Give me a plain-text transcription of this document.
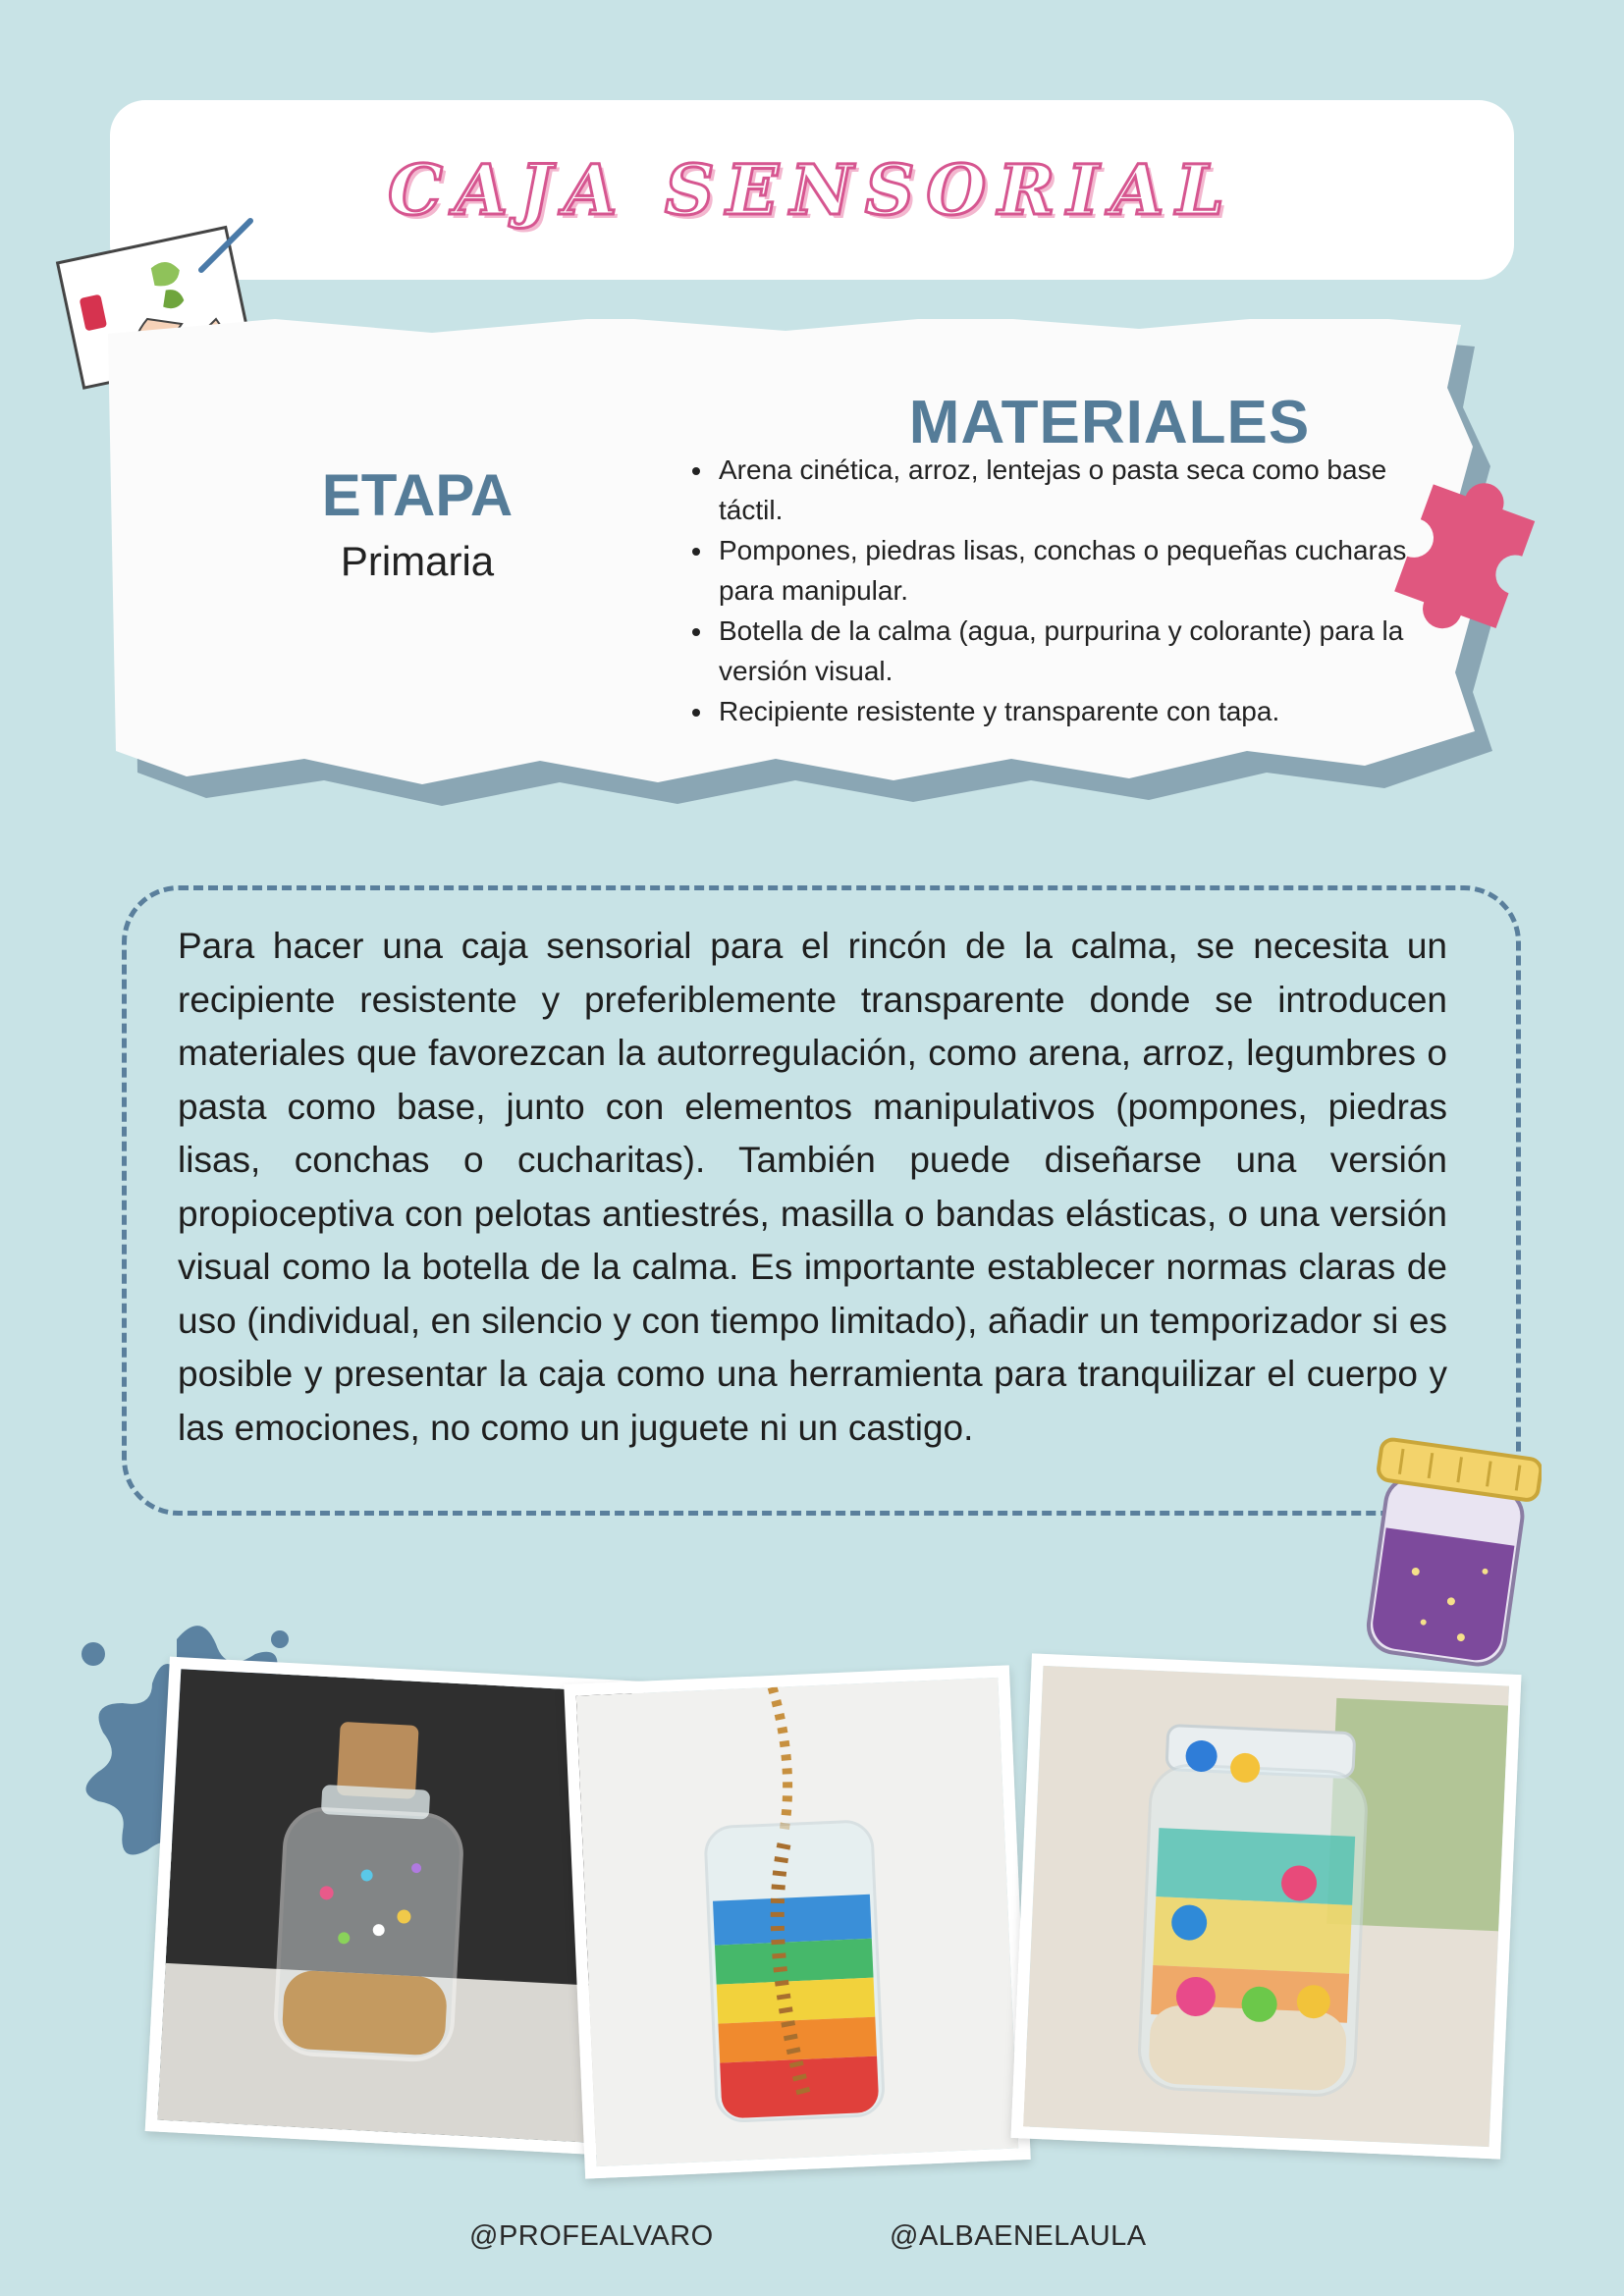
CAJA SENSORIAL
ETAPA
Primaria
MATERIALES
• Arena cinética, arroz, lentejas o pasta seca como base táctil.
• Pompones, piedras lisas, conchas o pequeñas cucharas para manipular.
• Botella de la calma (agua, purpurina y colorante) para la versión visual.
• Recipiente resistente y transparente con tapa.

Para hacer una caja sensorial para el rincón de la calma, se necesita un recipiente resistente y preferiblemente transparente donde se introducen materiales que favorezcan la autorregulación, como arena, arroz, legumbres o pasta como base, junto con elementos manipulativos (pompones, piedras lisas, conchas o cucharitas). También puede diseñarse una versión propioceptiva con pelotas antiestrés, masilla o bandas elásticas, o una versión visual como la botella de la calma. Es importante establecer normas claras de uso (individual, en silencio y con tiempo limitado), añadir un temporizador si es posible y presentar la caja como una herramienta para tranquilizar el cuerpo y las emociones, no como un juguete ni un castigo.

@PROFEALVARO	@ALBAENELAULA
